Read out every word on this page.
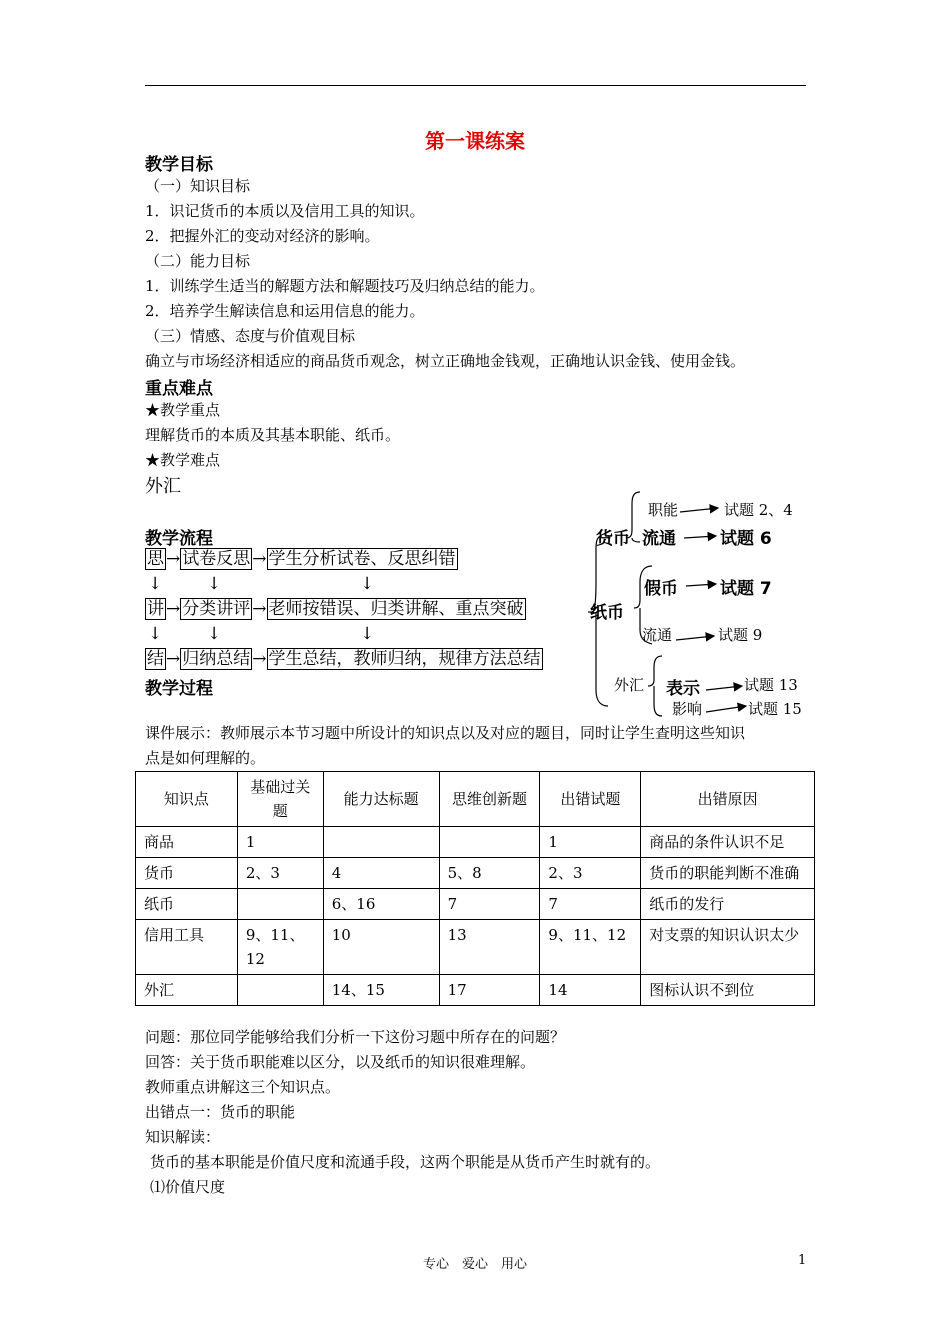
第一课练案
教学目标
（一）知识目标
1．识记货币的本质以及信用工具的知识。
2．把握外汇的变动对经济的影响。
（二）能力目标
1．训练学生适当的解题方法和解题技巧及归纳总结的能力。
2．培养学生解读信息和运用信息的能力。
（三）情感、态度与价值观目标
确立与市场经济相适应的商品货币观念，树立正确地金钱观，正确地认识金钱、使用金钱。
重点难点
★教学重点
理解货币的本质及其基本职能、纸币。
★教学难点
外汇
教学流程
思 → 试卷反思 → 学生分析试卷、反思纠错
↓	↓	↓
讲 → 分类讲评 → 老师按错误、归类讲解、重点突破
↓	↓	↓
结 → 归纳总结 → 学生总结，教师归纳，规律方法总结
教学过程
货币
职能	试题 2、4
流通	试题 6
纸币
假币 试题 7
流通	试题 9
外汇 表示	试题 13
影响	试题 15
课件展示：教师展示本节习题中所设计的知识点以及对应的题目，同时让学生查明这些知识
点是如何理解的。
知识点	基础过关题	能力达标题	思维创新题	出错试题	出错原因
商品	1			1	商品的条件认识不足
货币	2、3	4	5、8	2、3	货币的职能判断不准确
纸币		6、16	7	7	纸币的发行
信用工具	9、11、12	10	13	9、11、12	对支票的知识认识太少
外汇		14、15	17	14	图标认识不到位
问题：那位同学能够给我们分析一下这份习题中所存在的问题？
回答：关于货币职能难以区分，以及纸币的知识很难理解。
教师重点讲解这三个知识点。
出错点一：货币的职能
知识解读：
货币的基本职能是价值尺度和流通手段，这两个职能是从货币产生时就有的。
⑴价值尺度
专心　爱心　用心	1
